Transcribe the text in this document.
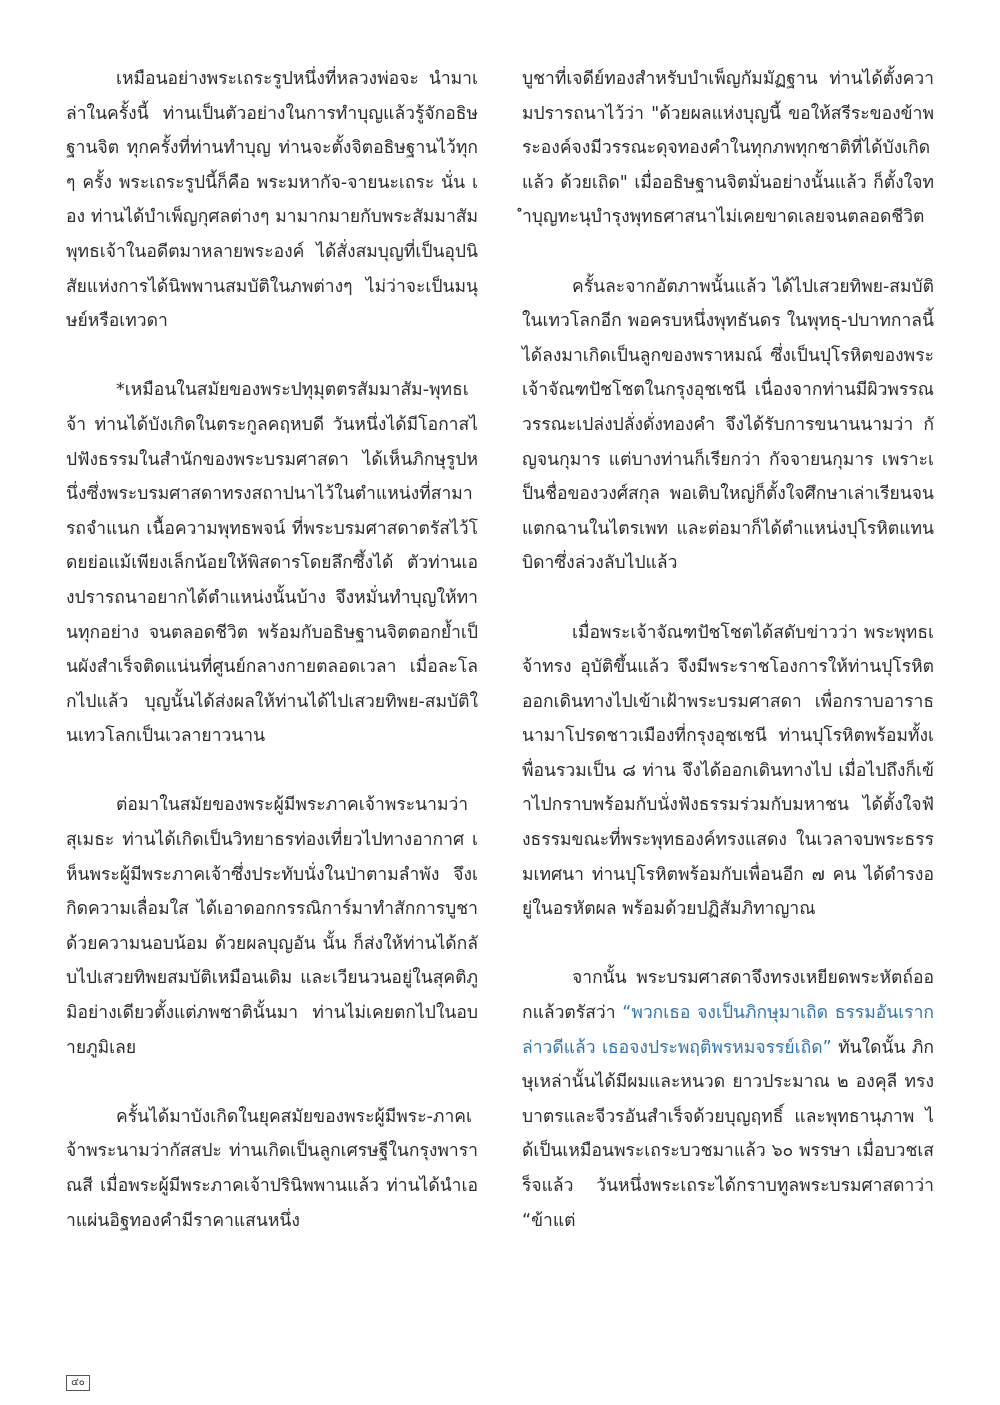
เหมือนอย่างพระเถระรูปหนึ่งที่หลวงพ่อจะ นำมาเล่าในครั้งนี้ ท่านเป็นตัวอย่างในการทำบุญแล้วรู้จักอธิษฐานจิต ทุกครั้งที่ท่านทำบุญ ท่านจะตั้งจิตอธิษฐานไว้ทุกๆ ครั้ง พระเถระรูปนี้ก็คือ พระมหากัจ-จายนะเถระ นั่น เอง ท่านได้บำเพ็ญกุศลต่างๆ มามากมายกับพระสัมมาสัมพุทธเจ้าในอดีตมาหลายพระองค์ ได้สั่งสมบุญที่เป็นอุปนิสัยแห่งการได้นิพพานสมบัติในภพต่างๆ ไม่ว่าจะเป็นมนุษย์หรือเทวดา

*เหมือนในสมัยของพระปทุมุตตรสัมมาสัม-พุทธเจ้า ท่านได้บังเกิดในตระกูลคฤหบดี วันหนึ่งได้มีโอกาสไปฟังธรรมในสำนักของพระบรมศาสดา ได้เห็นภิกษุรูปหนึ่งซึ่งพระบรมศาสดาทรงสถาปนาไว้ในตำแหน่งที่สามารถจำแนก เนื้อความพุทธพจน์ ที่พระบรมศาสดาตรัสไว้โดยย่อแม้เพียงเล็กน้อยให้พิสดารโดยลึกซึ้งได้ ตัวท่านเองปรารถนาอยากได้ตำแหน่งนั้นบ้าง จึงหมั่นทำบุญให้ทานทุกอย่าง จนตลอดชีวิต พร้อมกับอธิษฐานจิตตอกย้ำเป็นผังสำเร็จติดแน่นที่ศูนย์กลางกายตลอดเวลา เมื่อละโลกไปแล้ว บุญนั้นได้ส่งผลให้ท่านได้ไปเสวยทิพย-สมบัติในเทวโลกเป็นเวลายาวนาน

ต่อมาในสมัยของพระผู้มีพระภาคเจ้าพระนามว่า สุเมธะ ท่านได้เกิดเป็นวิทยาธรท่องเที่ยวไปทางอากาศ เห็นพระผู้มีพระภาคเจ้าซึ่งประทับนั่งในป่าตามลำพัง จึงเกิดความเลื่อมใส ได้เอาดอกกรรณิการ์มาทำสักการบูชาด้วยความนอบน้อม ด้วยผลบุญอัน นั้น ก็ส่งให้ท่านได้กลับไปเสวยทิพยสมบัติเหมือนเดิม และเวียนวนอยู่ในสุคติภูมิอย่างเดียวตั้งแต่ภพชาตินั้นมา ท่านไม่เคยตกไปในอบายภูมิเลย

ครั้นได้มาบังเกิดในยุคสมัยของพระผู้มีพระ-ภาคเจ้าพระนามว่ากัสสปะ ท่านเกิดเป็นลูกเศรษฐีในกรุงพาราณสี เมื่อพระผู้มีพระภาคเจ้าปรินิพพานแล้ว ท่านได้นำเอาแผ่นอิฐทองคำมีราคาแสนหนึ่ง

บูชาที่เจดีย์ทองสำหรับบำเพ็ญกัมมัฏฐาน ท่านได้ตั้งความปรารถนาไว้ว่า "ด้วยผลแห่งบุญนี้ ขอให้สรีระของข้าพระองค์จงมีวรรณะดุจทองคำในทุกภพทุกชาติที่ได้บังเกิดแล้ว ด้วยเถิด" เมื่ออธิษฐานจิตมั่นอย่างนั้นแล้ว ก็ตั้งใจทำบุญทะนุบำรุงพุทธศาสนาไม่เคยขาดเลยจนตลอดชีวิต

ครั้นละจากอัตภาพนั้นแล้ว ได้ไปเสวยทิพย-สมบัติในเทวโลกอีก พอครบหนึ่งพุทธันดร ในพุทธุ-ปบาทกาลนี้ ได้ลงมาเกิดเป็นลูกของพราหมณ์ ซึ่งเป็นปุโรหิตของพระเจ้าจัณฑปัชโชตในกรุงอุชเชนี เนื่องจากท่านมีผิวพรรณวรรณะเปล่งปลั่งดั่งทองคำ จึงได้รับการขนานนามว่า กัญจนกุมาร แต่บางท่านก็เรียกว่า กัจจายนกุมาร เพราะเป็นชื่อของวงศ์สกุล พอเติบใหญ่ก็ตั้งใจศึกษาเล่าเรียนจนแตกฉานในไตรเพท และต่อมาก็ได้ตำแหน่งปุโรหิตแทนบิดาซึ่งล่วงลับไปแล้ว

เมื่อพระเจ้าจัณฑปัชโชตได้สดับข่าวว่า พระพุทธเจ้าทรง อุบัติขึ้นแล้ว จึงมีพระราชโองการให้ท่านปุโรหิตออกเดินทางไปเข้าเฝ้าพระบรมศาสดา เพื่อกราบอาราธนามาโปรดชาวเมืองที่กรุงอุชเชนี ท่านปุโรหิตพร้อมทั้งเพื่อนรวมเป็น ๘ ท่าน จึงได้ออกเดินทางไป เมื่อไปถึงก็เข้าไปกราบพร้อมกับนั่งฟังธรรมร่วมกับมหาชน ได้ตั้งใจฟังธรรมขณะที่พระพุทธองค์ทรงแสดง ในเวลาจบพระธรรมเทศนา ท่านปุโรหิตพร้อมกับเพื่อนอีก ๗ คน ได้ดำรงอยู่ในอรหัตผล พร้อมด้วยปฏิสัมภิทาญาณ

จากนั้น พระบรมศาสดาจึงทรงเหยียดพระหัตถ์ออกแล้วตรัสว่า “พวกเธอ จงเป็นภิกษุมาเถิด ธรรมอันเรากล่าวดีแล้ว เธอจงประพฤติพรหมจรรย์เถิด” ทันใดนั้น ภิกษุเหล่านั้นได้มีผมและหนวด ยาวประมาณ ๒ องคุลี ทรงบาตรและจีวรอันสำเร็จด้วยบุญฤทธิ์ และพุทธานุภาพ ได้เป็นเหมือนพระเถระบวชมาแล้ว ๖๐ พรรษา เมื่อบวชเสร็จแล้ว วันหนึ่งพระเถระได้กราบทูลพระบรมศาสดาว่า “ข้าแต่

๔๐
